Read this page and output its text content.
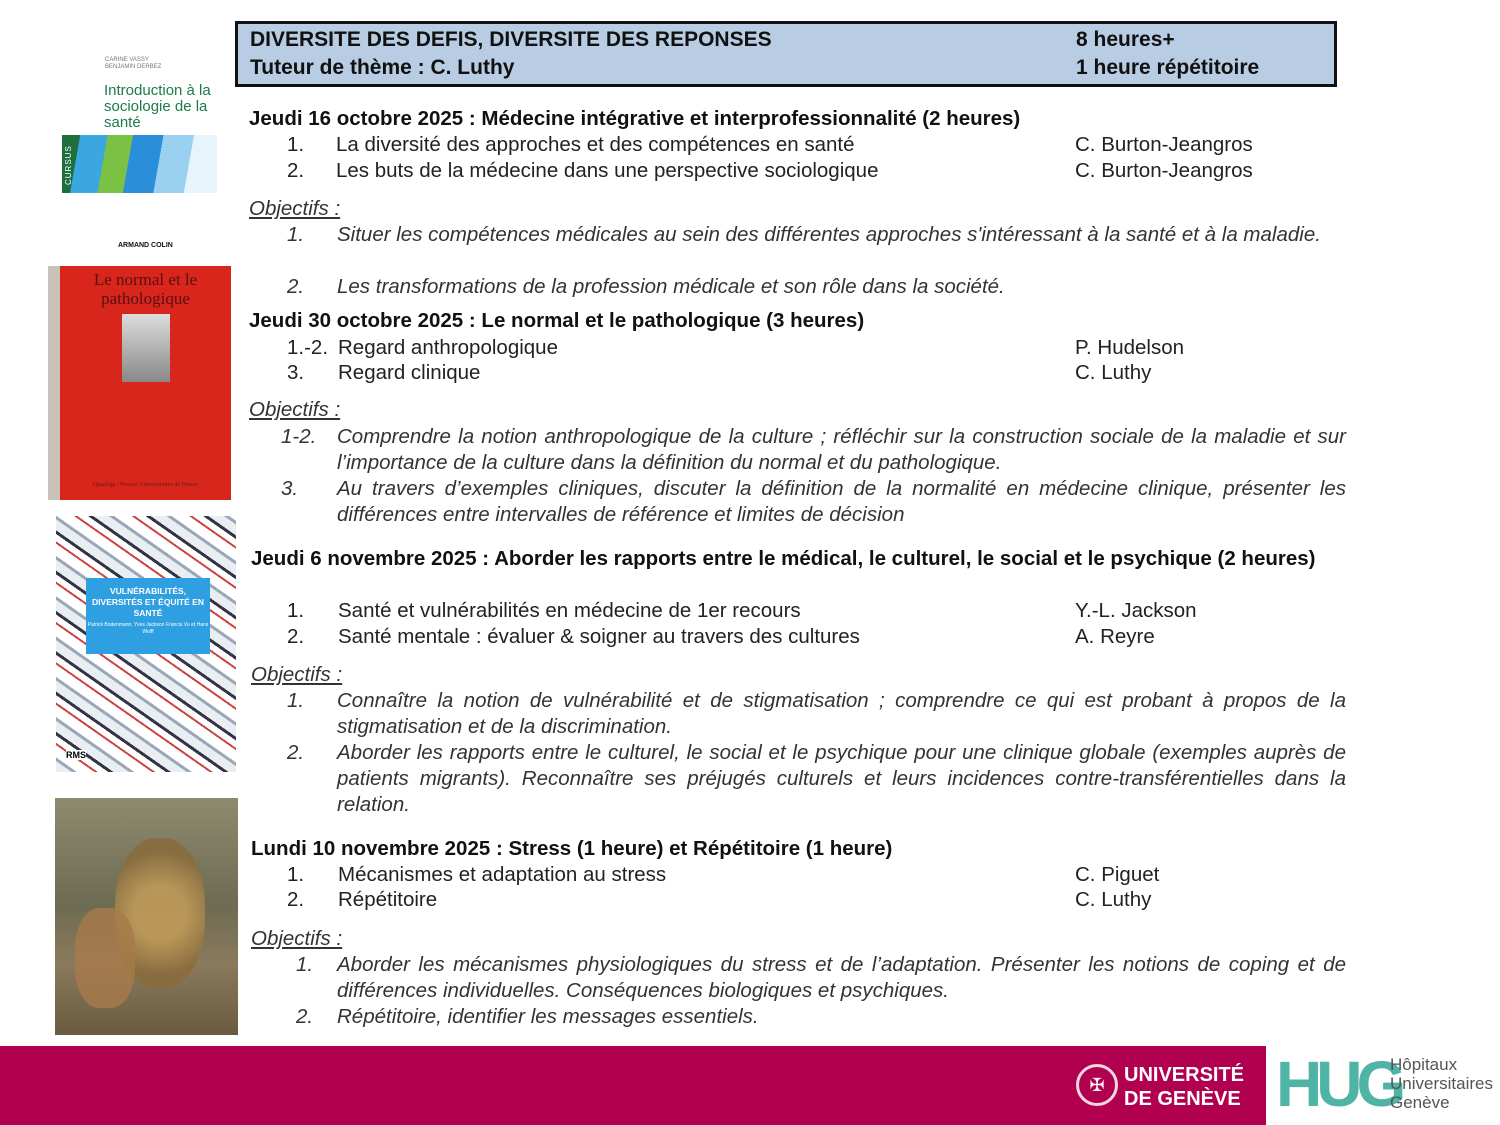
DIVERSITE DES DEFIS, DIVERSITE DES REPONSES
Tuteur de thème : C. Luthy
8 heures+
1 heure répétitoire
Jeudi 16 octobre 2025 : Médecine intégrative et interprofessionnalité (2 heures)
1. La diversité des approches et des compétences en santé	C. Burton-Jeangros
2. Les buts de la médecine dans une perspective sociologique	C. Burton-Jeangros
Objectifs :
1. Situer les compétences médicales au sein des différentes approches s'intéressant à la santé et à la maladie.
2. Les transformations de la profession médicale et son rôle dans la société.
Jeudi 30 octobre 2025 : Le normal et le pathologique (3 heures)
1.-2. Regard anthropologique	P. Hudelson
3. Regard clinique	C. Luthy
Objectifs :
1-2. Comprendre la notion anthropologique de la culture ; réfléchir sur la construction sociale de la maladie et sur l’importance de la culture dans la définition du normal et du pathologique.
3. Au travers d’exemples cliniques, discuter la définition de la normalité en médecine clinique, présenter les différences entre intervalles de référence et limites de décision
Jeudi 6 novembre 2025 : Aborder les rapports entre le médical, le culturel, le social et le psychique (2 heures)
1. Santé et vulnérabilités en médecine de 1er recours	Y.-L. Jackson
2. Santé mentale : évaluer & soigner au travers des cultures	A. Reyre
Objectifs :
1. Connaître la notion de vulnérabilité et de stigmatisation ; comprendre ce qui est probant à propos de la stigmatisation et de la discrimination.
2. Aborder les rapports entre le culturel, le social et le psychique pour une clinique globale (exemples auprès de patients migrants). Reconnaître ses préjugés culturels et leurs incidences contre-transférentielles dans la relation.
Lundi 10 novembre 2025 : Stress (1 heure) et Répétitoire (1 heure)
1. Mécanismes et adaptation au stress	C. Piguet
2. Répétitoire	C. Luthy
Objectifs :
1. Aborder les mécanismes physiologiques du stress et de l’adaptation. Présenter les notions de coping et de différences individuelles. Conséquences biologiques et psychiques.
2. Répétitoire, identifier les messages essentiels.
CARINE VASSY BENJAMIN DERBEZ
Introduction à la sociologie de la santé
CURSUS
ARMAND COLIN
Le normal et le pathologique
Quadrige / Presses Universitaires de France
VULNÉRABILITÉS, DIVERSITÉS ET ÉQUITÉ EN SANTÉ
Patrick Bodenmann, Yves Jackson Francis Vu et Hans Wolff
RMS
✠ UNIVERSITÉ
DE GENÈVE HUG
Hôpitaux
Universitaires
Genève
